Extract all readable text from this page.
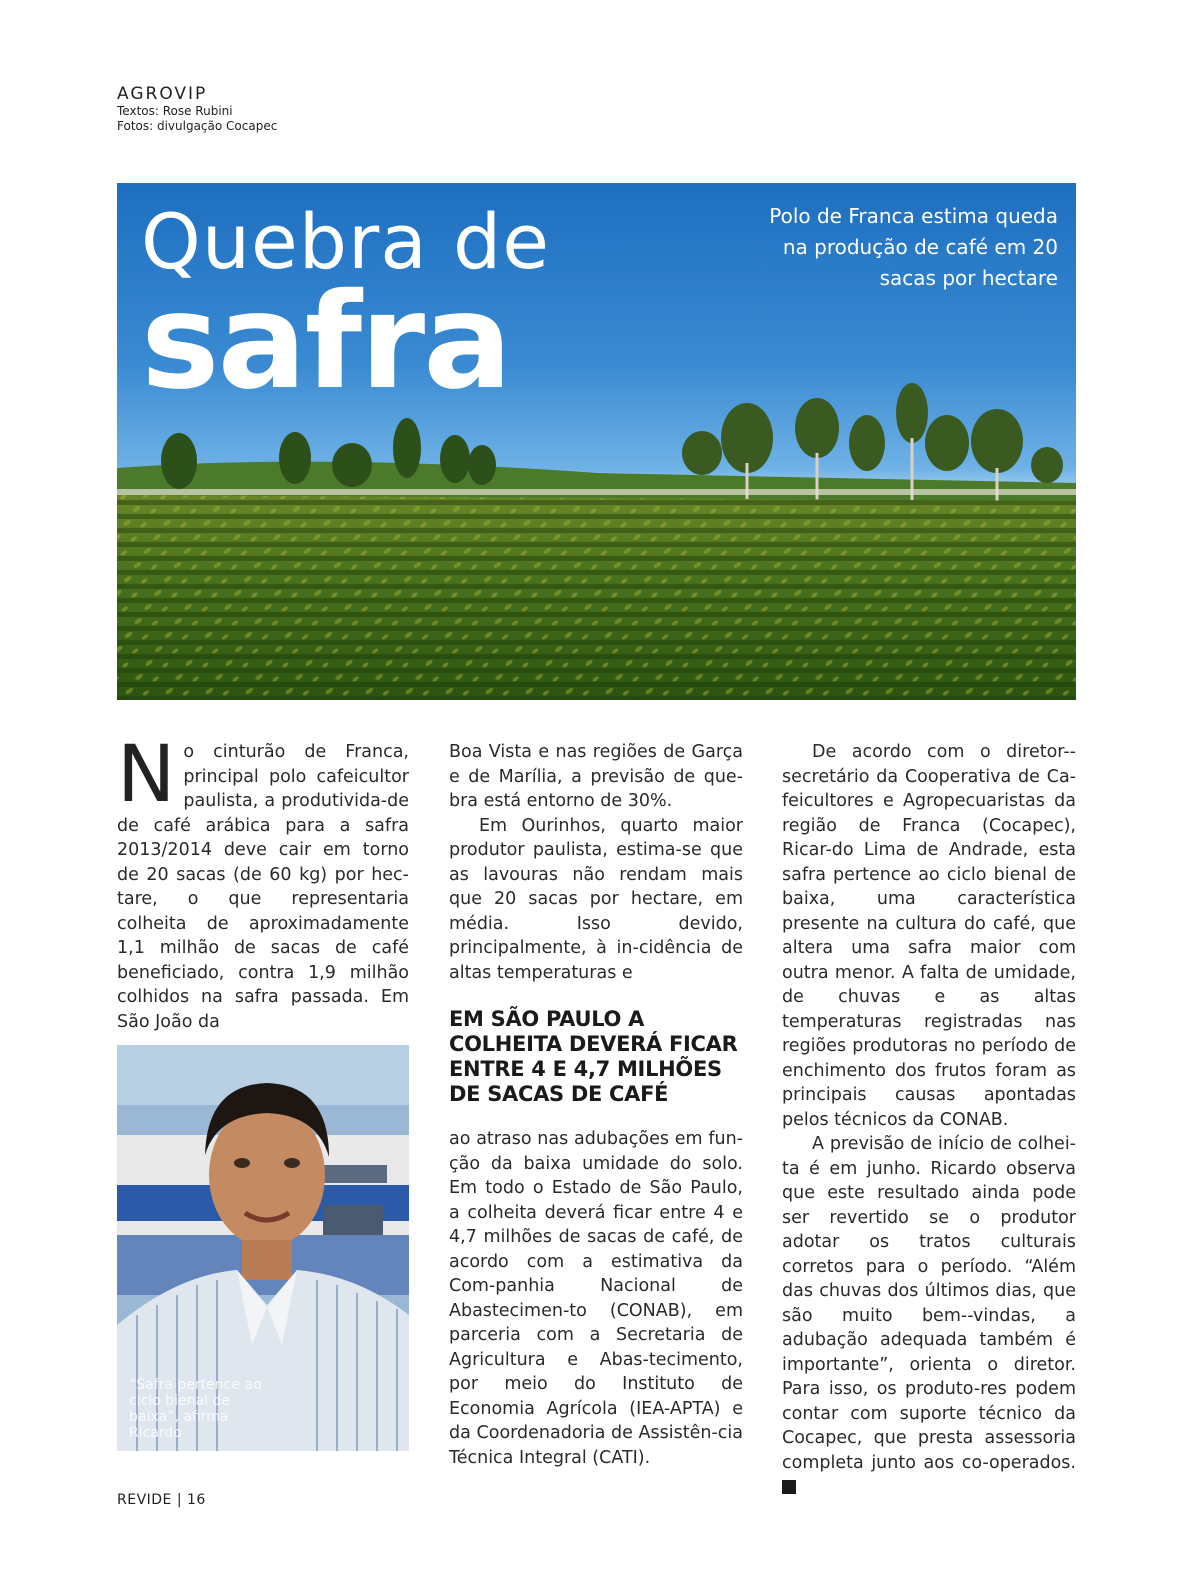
AGROVIP
Textos: Rose Rubini
Fotos: divulgação Cocapec
Quebra de
safra
Polo de Franca estima queda na produção de café em 20 sacas por hectare

No cinturão de Franca, principal polo cafeicultor paulista, a produtivida-de de café arábica para a safra 2013/2014 deve cair em torno de 20 sacas (de 60 kg) por hec-tare, o que representaria colheita de aproximadamente 1,1 milhão de sacas de café beneficiado, contra 1,9 milhão colhidos na safra passada. Em São João da

“Safra pertence ao ciclo bienal de baixa”, afirma Ricardo

Boa Vista e nas regiões de Garça e de Marília, a previsão de que-bra está entorno de 30%.

Em Ourinhos, quarto maior produtor paulista, estima-se que as lavouras não rendam mais que 20 sacas por hectare, em média. Isso devido, principalmente, à in-cidência de altas temperaturas e

EM SÃO PAULO A COLHEITA DEVERÁ FICAR ENTRE 4 E 4,7 MILHÕES DE SACAS DE CAFÉ

ao atraso nas adubações em fun-ção da baixa umidade do solo. Em todo o Estado de São Paulo, a colheita deverá ficar entre 4 e 4,7 milhões de sacas de café, de acordo com a estimativa da Com-panhia Nacional de Abastecimen-to (CONAB), em parceria com a Secretaria de Agricultura e Abas-tecimento, por meio do Instituto de Economia Agrícola (IEA-APTA) e da Coordenadoria de Assistên-cia Técnica Integral (CATI).

De acordo com o diretor--secretário da Cooperativa de Ca-feicultores e Agropecuaristas da região de Franca (Cocapec), Ricar-do Lima de Andrade, esta safra pertence ao ciclo bienal de baixa, uma característica presente na cultura do café, que altera uma safra maior com outra menor. A falta de umidade, de chuvas e as altas temperaturas registradas nas regiões produtoras no período de enchimento dos frutos foram as principais causas apontadas pelos técnicos da CONAB.

A previsão de início de colhei-ta é em junho. Ricardo observa que este resultado ainda pode ser revertido se o produtor adotar os tratos culturais corretos para o período. “Além das chuvas dos últimos dias, que são muito bem--vindas, a adubação adequada também é importante”, orienta o diretor. Para isso, os produto-res podem contar com suporte técnico da Cocapec, que presta assessoria completa junto aos co-operados. r

REVIDE | 16
